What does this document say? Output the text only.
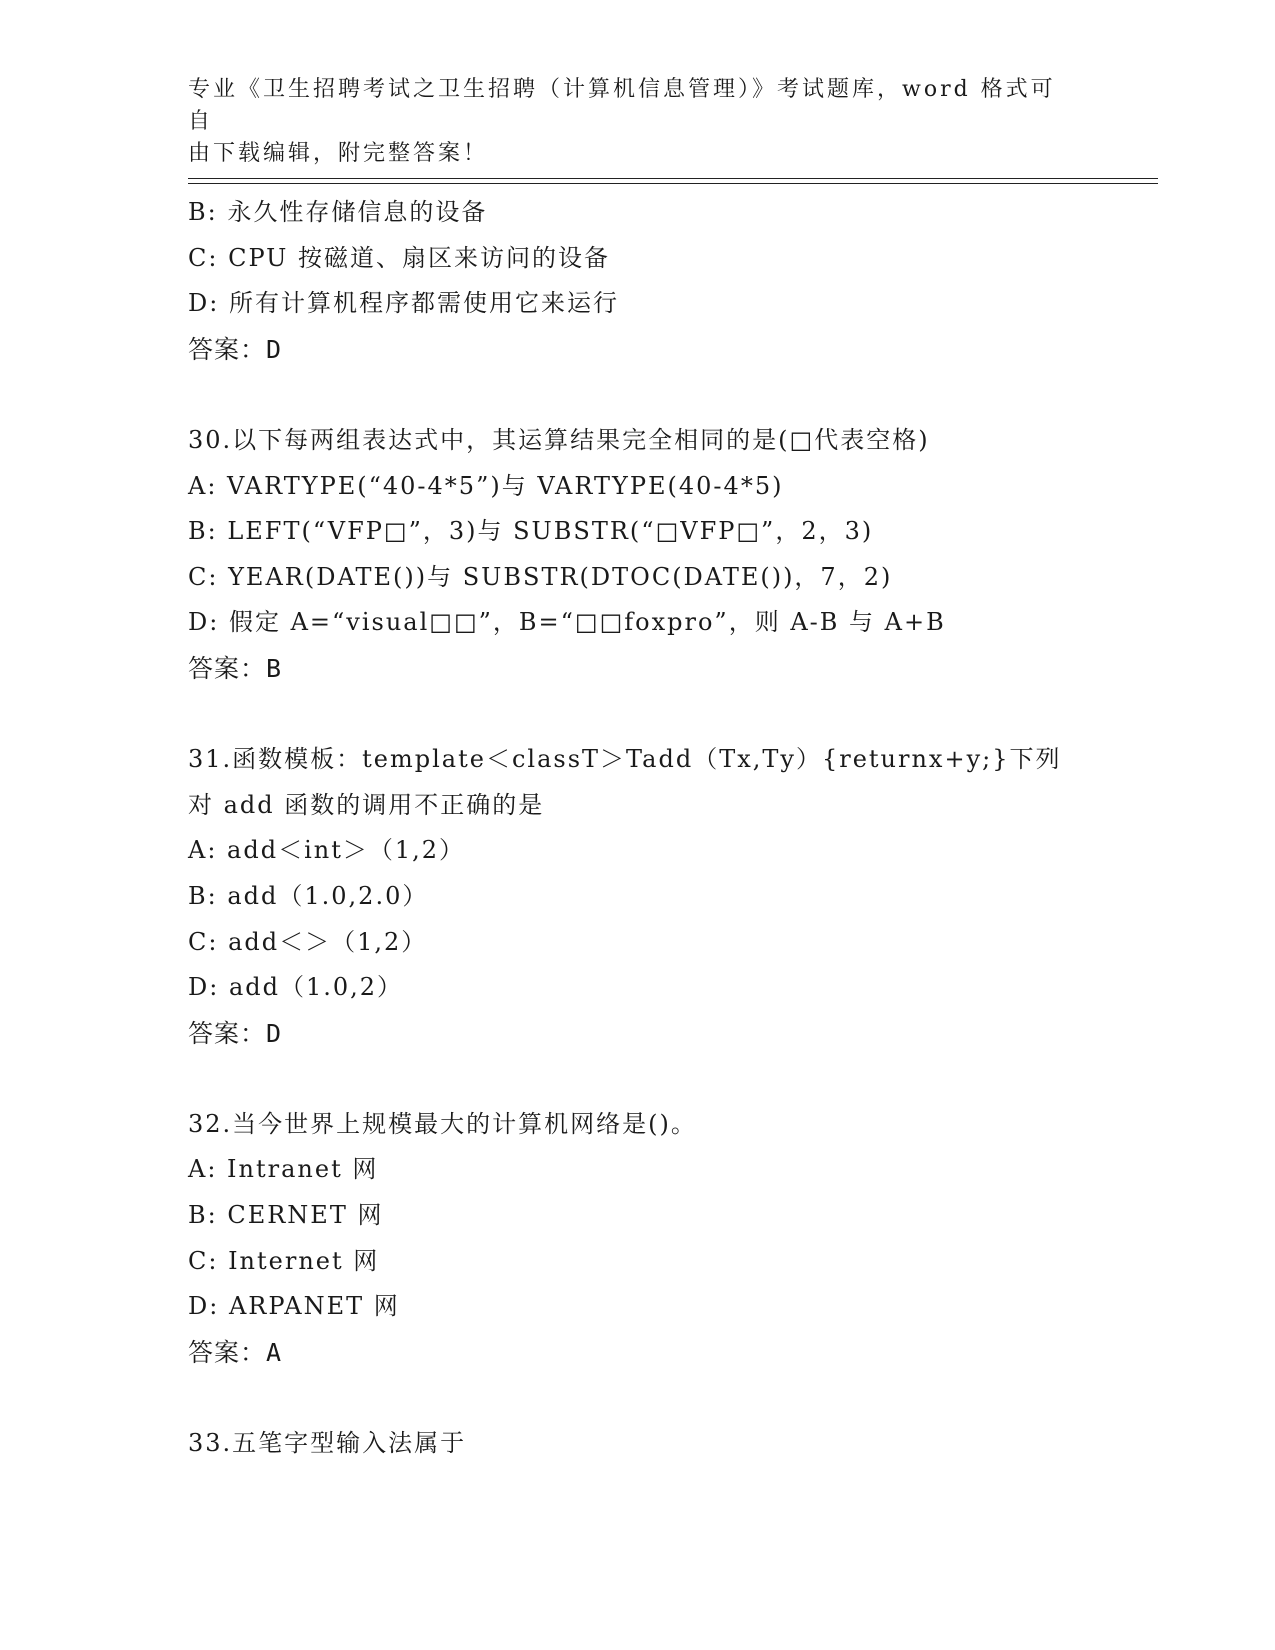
专业《卫生招聘考试之卫生招聘（计算机信息管理）》考试题库，word 格式可自
由下载编辑，附完整答案！
B: 永久性存储信息的设备
C: CPU 按磁道、扇区来访问的设备
D: 所有计算机程序都需使用它来运行
答案：D
30.以下每两组表达式中，其运算结果完全相同的是(□代表空格)
A: VARTYPE(“40-4*5”)与 VARTYPE(40-4*5)
B: LEFT(“VFP□”，3)与 SUBSTR(“□VFP□”，2，3)
C: YEAR(DATE())与 SUBSTR(DTOC(DATE())，7，2)
D: 假定 A=“visual□□”，B=“□□foxpro”，则 A-B 与 A+B
答案：B
31.函数模板：template＜classT＞Tadd（Tx,Ty）{returnx+y;}下列
对 add 函数的调用不正确的是
A: add＜int＞（1,2）
B: add（1.0,2.0）
C: add＜＞（1,2）
D: add（1.0,2）
答案：D
32.当今世界上规模最大的计算机网络是()。
A: Intranet 网
B: CERNET 网
C: Internet 网
D: ARPANET 网
答案：A
33.五笔字型输入法属于
